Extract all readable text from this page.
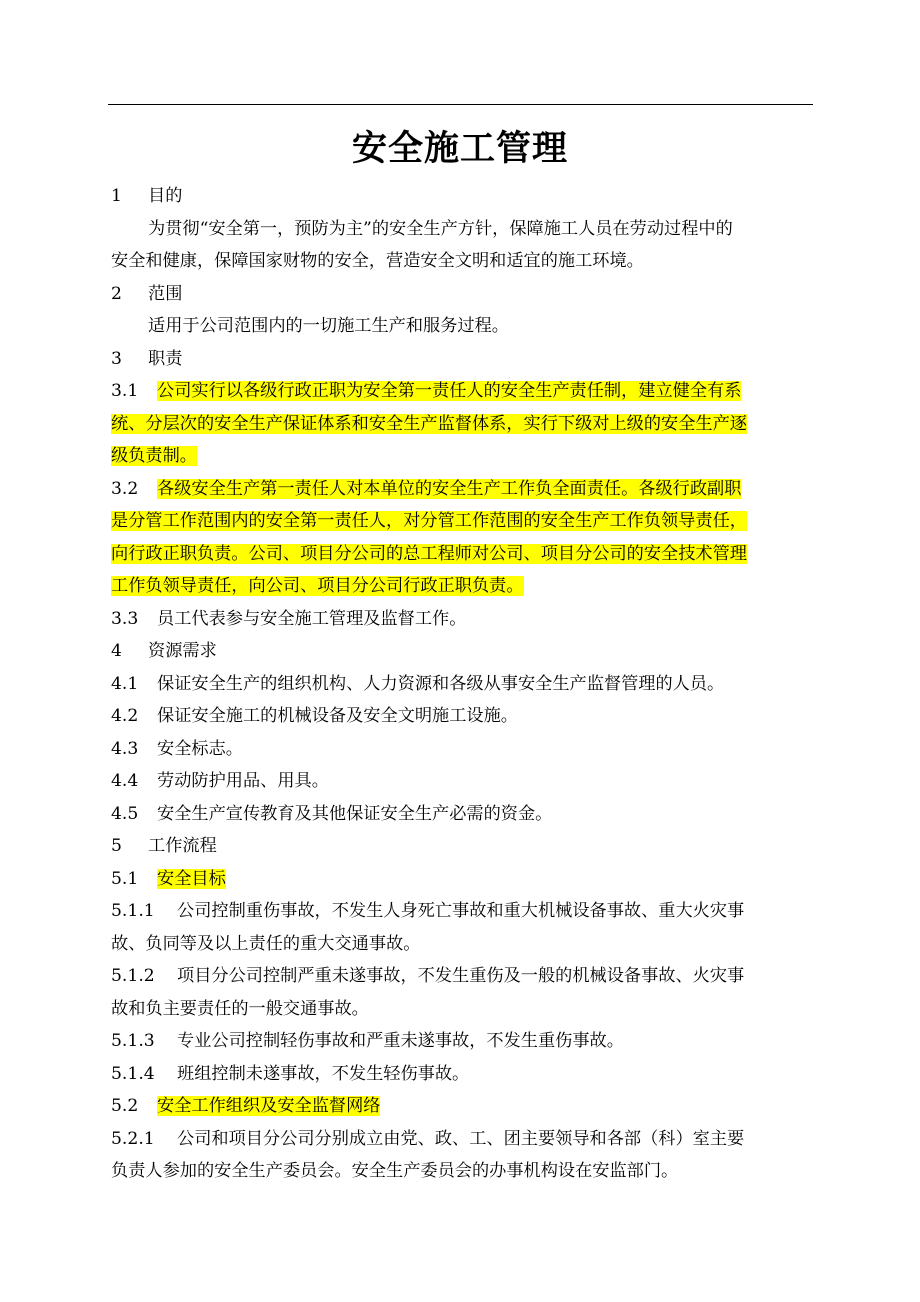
安全施工管理
1 目的
为贯彻“安全第一，预防为主”的安全生产方针，保障施工人员在劳动过程中的
安全和健康，保障国家财物的安全，营造安全文明和适宜的施工环境。
2 范围
适用于公司范围内的一切施工生产和服务过程。
3 职责
3.1 公司实行以各级行政正职为安全第一责任人的安全生产责任制，建立健全有系
统、分层次的安全生产保证体系和安全生产监督体系，实行下级对上级的安全生产逐
级负责制。
3.2 各级安全生产第一责任人对本单位的安全生产工作负全面责任。各级行政副职
是分管工作范围内的安全第一责任人，对分管工作范围的安全生产工作负领导责任，
向行政正职负责。公司、项目分公司的总工程师对公司、项目分公司的安全技术管理
工作负领导责任，向公司、项目分公司行政正职负责。
3.3 员工代表参与安全施工管理及监督工作。
4 资源需求
4.1 保证安全生产的组织机构、人力资源和各级从事安全生产监督管理的人员。
4.2 保证安全施工的机械设备及安全文明施工设施。
4.3 安全标志。
4.4 劳动防护用品、用具。
4.5 安全生产宣传教育及其他保证安全生产必需的资金。
5 工作流程
5.1 安全目标
5.1.1 公司控制重伤事故，不发生人身死亡事故和重大机械设备事故、重大火灾事
故、负同等及以上责任的重大交通事故。
5.1.2 项目分公司控制严重未遂事故，不发生重伤及一般的机械设备事故、火灾事
故和负主要责任的一般交通事故。
5.1.3 专业公司控制轻伤事故和严重未遂事故，不发生重伤事故。
5.1.4 班组控制未遂事故，不发生轻伤事故。
5.2 安全工作组织及安全监督网络
5.2.1 公司和项目分公司分别成立由党、政、工、团主要领导和各部（科）室主要
负责人参加的安全生产委员会。安全生产委员会的办事机构设在安监部门。
